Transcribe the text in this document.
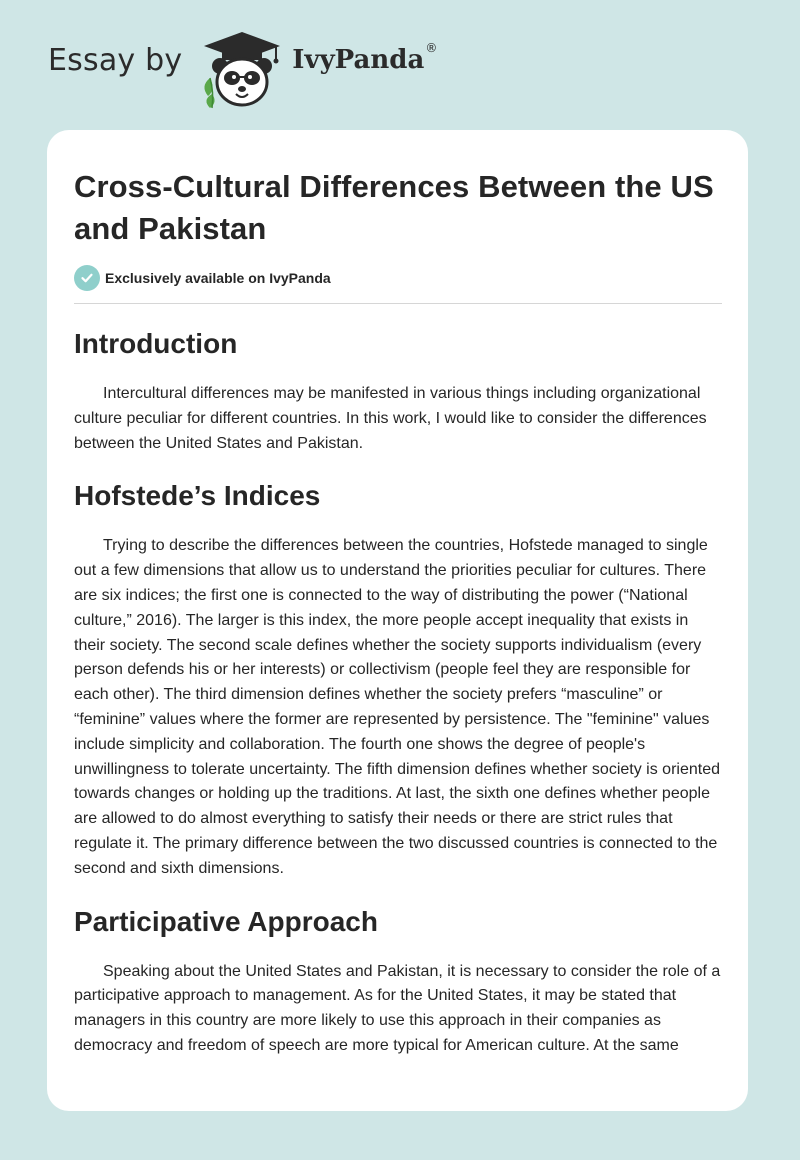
Essay by	IvyPanda ®
Cross-Cultural Differences Between the US and Pakistan
Exclusively available on IvyPanda
Introduction

Intercultural differences may be manifested in various things including organizational culture peculiar for different countries. In this work, I would like to consider the differences between the United States and Pakistan.

Hofstede’s Indices

Trying to describe the differences between the countries, Hofstede managed to single out a few dimensions that allow us to understand the priorities peculiar for cultures. There are six indices; the first one is connected to the way of distributing the power (“National culture,” 2016). The larger is this index, the more people accept inequality that exists in their society. The second scale defines whether the society supports individualism (every person defends his or her interests) or collectivism (people feel they are responsible for each other). The third dimension defines whether the society prefers “masculine” or “feminine” values where the former are represented by persistence. The "feminine" values include simplicity and collaboration. The fourth one shows the degree of people's unwillingness to tolerate uncertainty. The fifth dimension defines whether society is oriented towards changes or holding up the traditions. At last, the sixth one defines whether people are allowed to do almost everything to satisfy their needs or there are strict rules that regulate it. The primary difference between the two discussed countries is connected to the second and sixth dimensions.

Participative Approach

Speaking about the United States and Pakistan, it is necessary to consider the role of a participative approach to management. As for the United States, it may be stated that managers in this country are more likely to use this approach in their companies as democracy and freedom of speech are more typical for American culture. At the same
